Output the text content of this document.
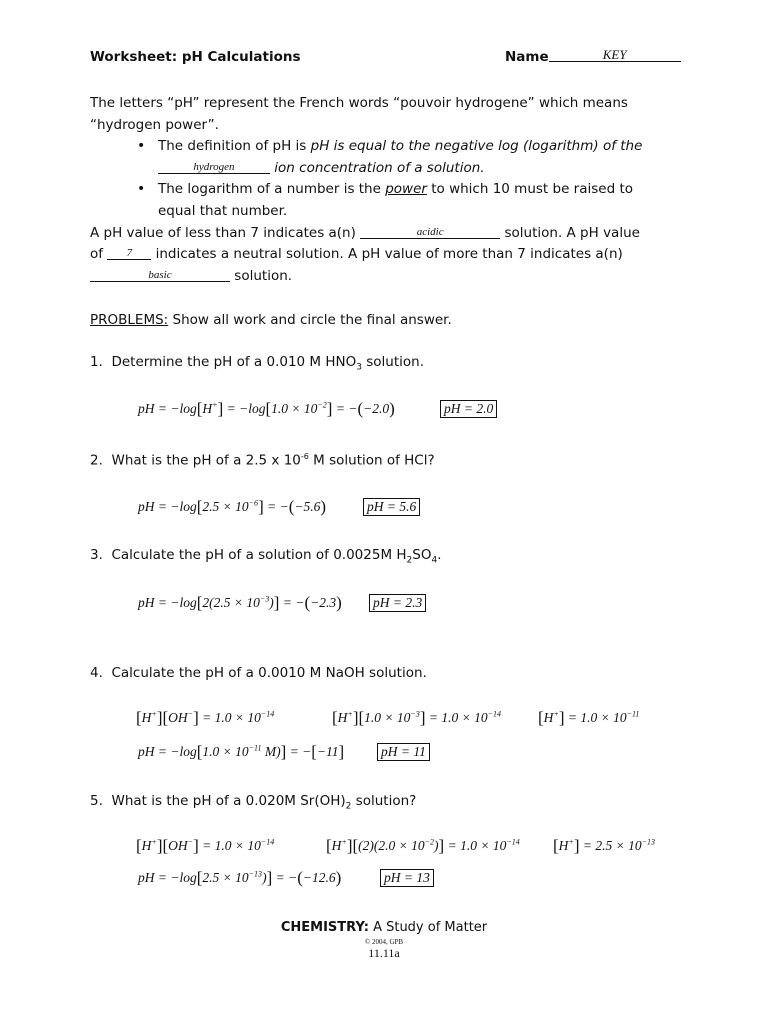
Worksheet: pH Calculations	Name	KEY
The letters “pH” represent the French words “pouvoir hydrogene” which means
“hydrogen power”.
• The definition of pH is pH is equal to the negative log (logarithm) of the
hydrogen	ion concentration of a solution.
• The logarithm of a number is the power to which 10 must be raised to
equal that number.
A pH value of less than 7 indicates a(n)	acidic	solution. A pH value
of 7 indicates a neutral solution. A pH value of more than 7 indicates a(n)
basic	solution.
PROBLEMS: Show all work and circle the final answer.
1. Determine the pH of a 0.010 M $HNO_3$ solution.
pH = $-\log[H^+] = -\log[1.0 \times 10^{-2}] = -(-2.0)$	pH = 2.0
2. What is the pH of a 2.5 x $10^{-6}$ M solution of HCl?
pH = $-\log[2.5 \times 10^{-6}] = -(-5.6)$	pH = 5.6
3. Calculate the pH of a solution of 0.0025M $H_2SO_4$.
pH = $-\log[2(2.5 \times 10^{-3})] = -(-2.3)$ pH = 2.3
4. Calculate the pH of a 0.0010 M NaOH solution.
$[H^+][OH^-] = 1.0 \times 10^{-14}$	$[H^+][1.0 \times 10^{-3}] = 1.0 \times 10^{-14}$ $[H^+] = 1.0 \times 10^{-11}$
pH = $-\log[1.0 \times 10^{-11}$ M)] = −[−11]	pH = 11
5. What is the pH of a 0.020M $Sr(OH)_2$ solution?
$[H^+][OH^-] = 1.0 \times 10^{-14}$	$[H^+][(2)(2.0 \times 10^{-2})] = 1.0 \times 10^{-14}$ $[H^+] = 2.5 \times 10^{-13}$
pH = $-\log[2.5 \times 10^{-13})] = -(-12.6)$	pH = 13
CHEMISTRY: A Study of Matter
© 2004, GPB
11.11a
